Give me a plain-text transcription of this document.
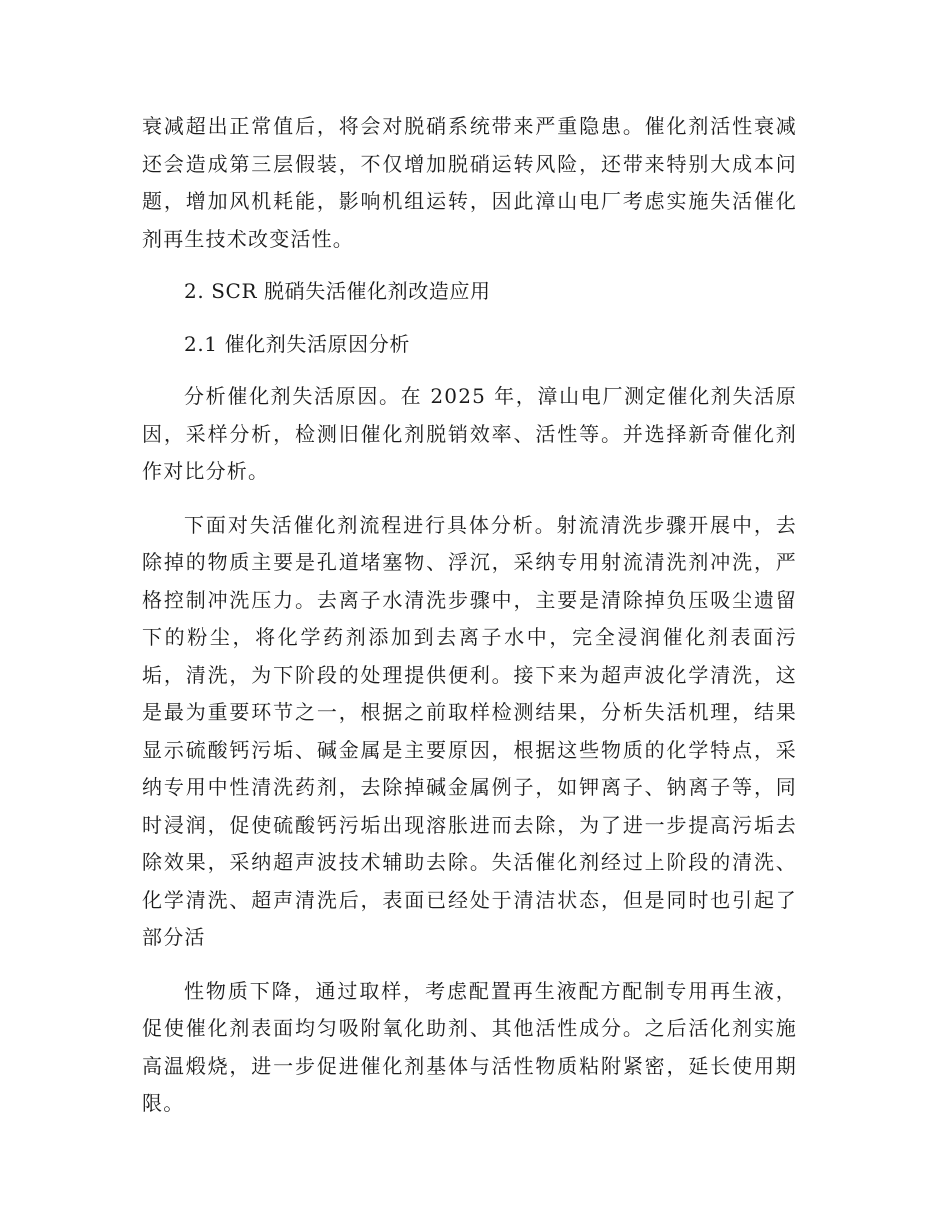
衰减超出正常值后，将会对脱硝系统带来严重隐患。催化剂活性衰减还会造成第三层假装，不仅增加脱硝运转风险，还带来特别大成本问题，增加风机耗能，影响机组运转，因此漳山电厂考虑实施失活催化剂再生技术改变活性。

2. SCR 脱硝失活催化剂改造应用

2.1 催化剂失活原因分析

分析催化剂失活原因。在 2025 年，漳山电厂测定催化剂失活原因，采样分析，检测旧催化剂脱销效率、活性等。并选择新奇催化剂作对比分析。

下面对失活催化剂流程进行具体分析。射流清洗步骤开展中，去除掉的物质主要是孔道堵塞物、浮沉，采纳专用射流清洗剂冲洗，严格控制冲洗压力。去离子水清洗步骤中，主要是清除掉负压吸尘遗留下的粉尘，将化学药剂添加到去离子水中，完全浸润催化剂表面污垢，清洗，为下阶段的处理提供便利。接下来为超声波化学清洗，这是最为重要环节之一，根据之前取样检测结果，分析失活机理，结果显示硫酸钙污垢、碱金属是主要原因，根据这些物质的化学特点，采纳专用中性清洗药剂，去除掉碱金属例子，如钾离子、钠离子等，同时浸润，促使硫酸钙污垢出现溶胀进而去除，为了进一步提高污垢去除效果，采纳超声波技术辅助去除。失活催化剂经过上阶段的清洗、化学清洗、超声清洗后，表面已经处于清洁状态，但是同时也引起了部分活

性物质下降，通过取样，考虑配置再生液配方配制专用再生液，促使催化剂表面均匀吸附氧化助剂、其他活性成分。之后活化剂实施高温煅烧，进一步促进催化剂基体与活性物质粘附紧密，延长使用期限。
